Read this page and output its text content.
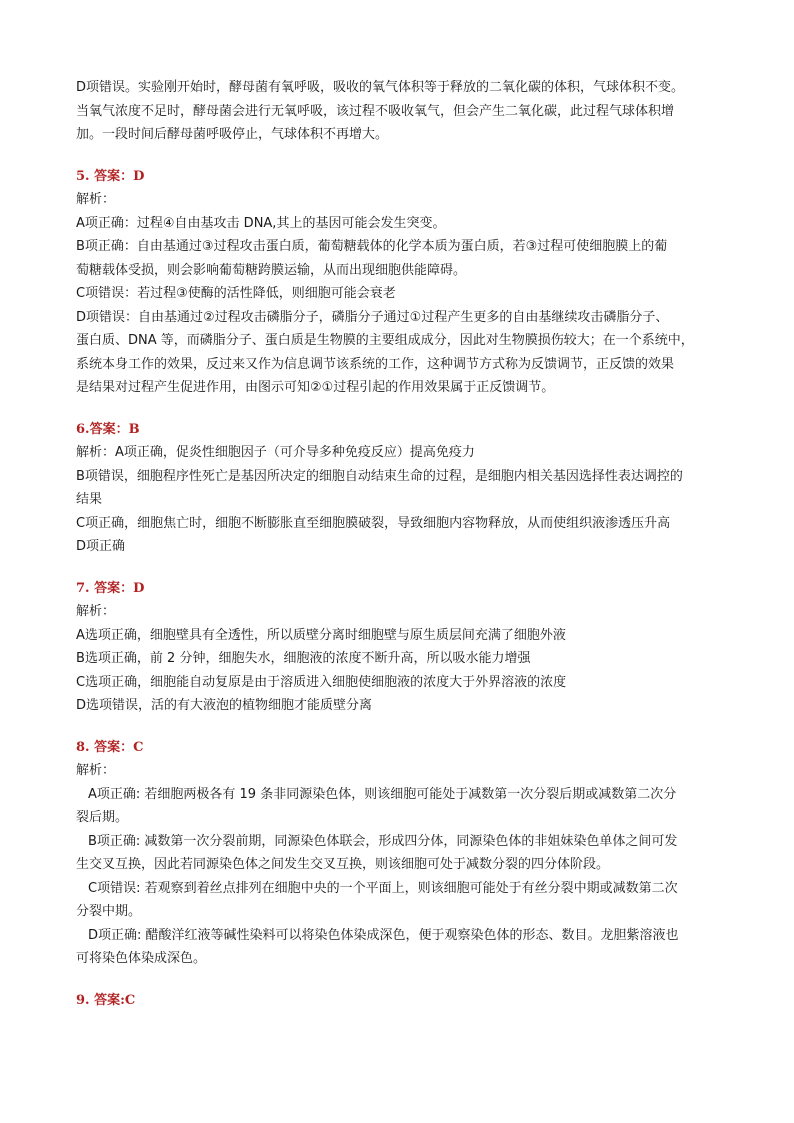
D项错误。实验刚开始时，酵母菌有氧呼吸，吸收的氧气体积等于释放的二氧化碳的体积，气球体积不变。

当氧气浓度不足时，酵母菌会进行无氧呼吸，该过程不吸收氧气，但会产生二氧化碳，此过程气球体积增

加。一段时间后酵母菌呼吸停止，气球体积不再增大。

5. 答案：D

解析：

A项正确：过程④自由基攻击 DNA,其上的基因可能会发生突变。

B项正确：自由基通过③过程攻击蛋白质，葡萄糖载体的化学本质为蛋白质，若③过程可使细胞膜上的葡

萄糖载体受损，则会影响葡萄糖跨膜运输，从而出现细胞供能障碍。

C项错误：若过程③使酶的活性降低，则细胞可能会衰老

D项错误：自由基通过②过程攻击磷脂分子，磷脂分子通过①过程产生更多的自由基继续攻击磷脂分子、

蛋白质、DNA 等，而磷脂分子、蛋白质是生物膜的主要组成成分，因此对生物膜损伤较大；在一个系统中，

系统本身工作的效果，反过来又作为信息调节该系统的工作，这种调节方式称为反馈调节，正反馈的效果

是结果对过程产生促进作用，由图示可知②①过程引起的作用效果属于正反馈调节。

6.答案：B

解析：A项正确，促炎性细胞因子（可介导多种免疫反应）提高免疫力

B项错误，细胞程序性死亡是基因所决定的细胞自动结束生命的过程，是细胞内相关基因选择性表达调控的

结果

C项正确，细胞焦亡时，细胞不断膨胀直至细胞膜破裂，导致细胞内容物释放，从而使组织液渗透压升高

D项正确

7. 答案：D

解析：

A选项正确，细胞壁具有全透性，所以质壁分离时细胞壁与原生质层间充满了细胞外液

B选项正确，前 2 分钟，细胞失水，细胞液的浓度不断升高，所以吸水能力增强

C选项正确，细胞能自动复原是由于溶质进入细胞使细胞液的浓度大于外界溶液的浓度

D选项错误，活的有大液泡的植物细胞才能质壁分离

8. 答案：C

解析：

A项正确: 若细胞两极各有 19 条非同源染色体，则该细胞可能处于减数第一次分裂后期或减数第二次分

裂后期。

B项正确: 减数第一次分裂前期，同源染色体联会，形成四分体，同源染色体的非姐妹染色单体之间可发

生交叉互换，因此若同源染色体之间发生交叉互换，则该细胞可处于减数分裂的四分体阶段。

C项错误: 若观察到着丝点排列在细胞中央的一个平面上，则该细胞可能处于有丝分裂中期或减数第二次

分裂中期。

D项正确: 醋酸洋红液等碱性染料可以将染色体染成深色，便于观察染色体的形态、数目。龙胆紫溶液也

可将染色体染成深色。

9. 答案:C
